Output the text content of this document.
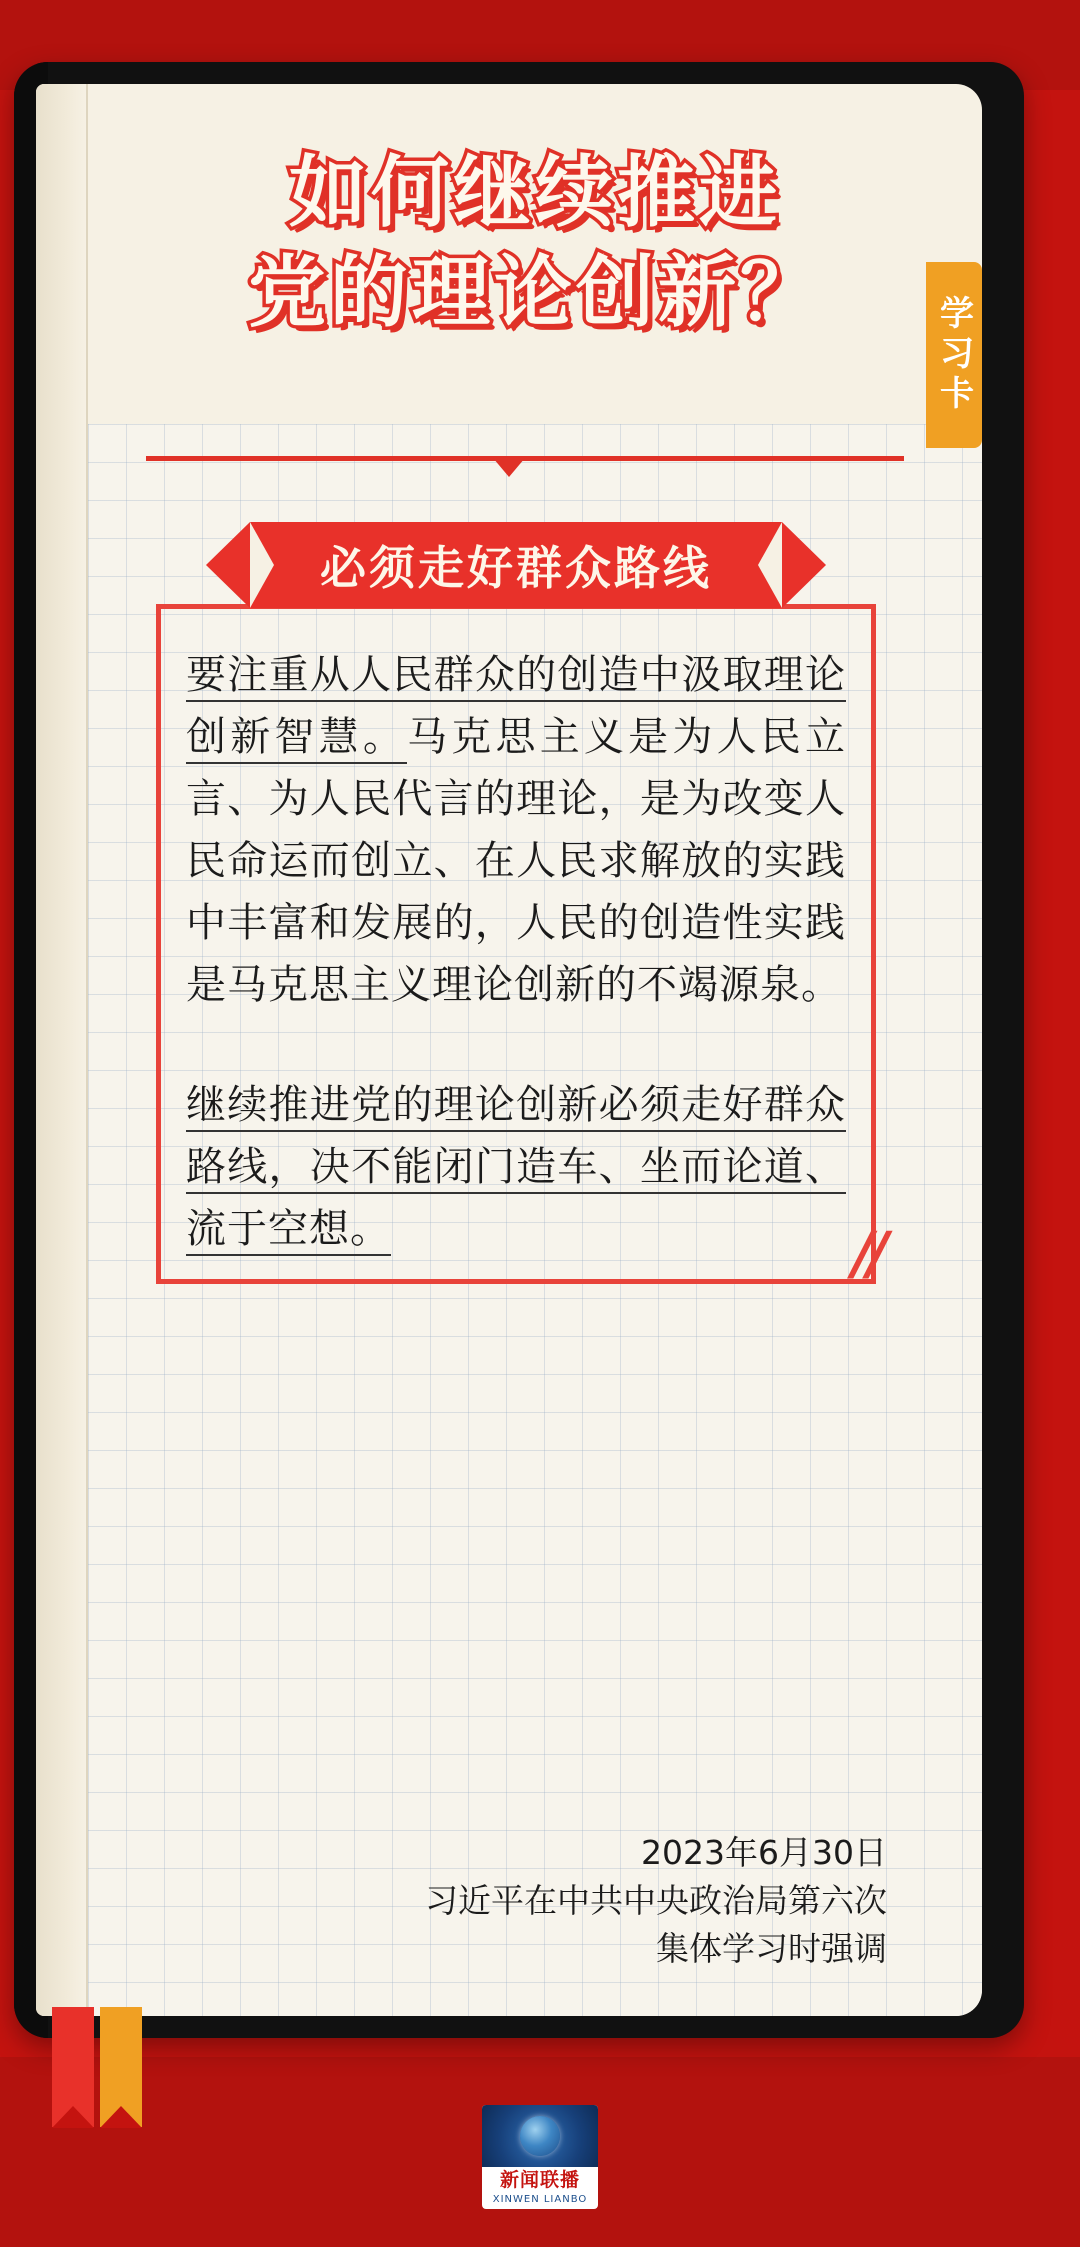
如何继续推进
党的理论创新？
必须走好群众路线

要注重从人民群众的创造中汲取理论创新智慧。马克思主义是为人民立言、为人民代言的理论，是为改变人民命运而创立、在人民求解放的实践中丰富和发展的，人民的创造性实践是马克思主义理论创新的不竭源泉。

继续推进党的理论创新必须走好群众路线，决不能闭门造车、坐而论道、流于空想。	//
2023年6月30日
习近平在中共中央政治局第六次
集体学习时强调
学习卡
新闻联播
XINWEN LIANBO
